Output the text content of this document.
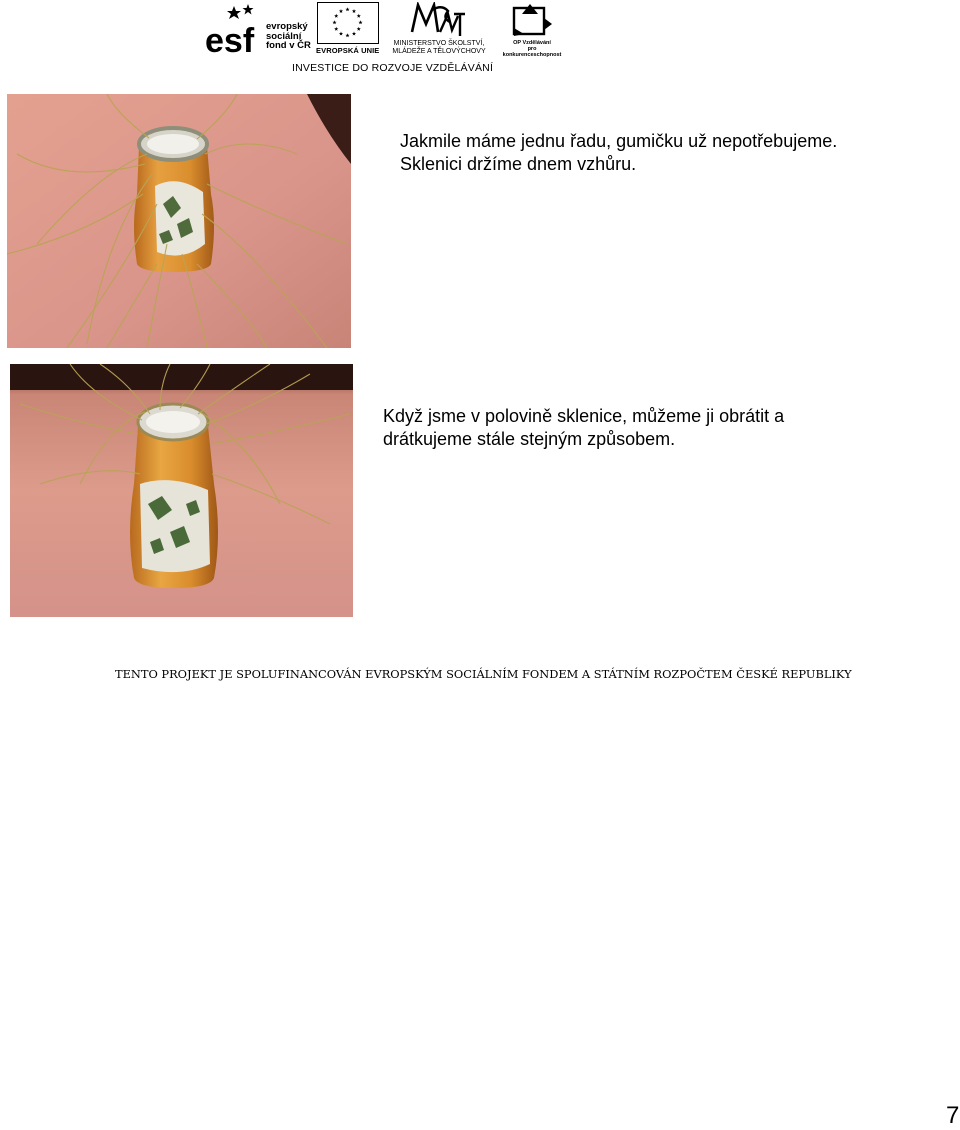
esf evropský
sociální
fond v ČR EVROPSKÁ UNIE
MINISTERSTVO ŠKOLSTVÍ,
MLÁDEŽE A TĚLOVÝCHOVY
OP Vzdělávání
pro konkurenceschopnost
INVESTICE DO ROZVOJE VZDĚLÁVÁNÍ
Jakmile máme jednu řadu, gumičku už nepotřebujeme.
Sklenici držíme dnem vzhůru.
Když jsme v polovině sklenice, můžeme ji obrátit a
drátkujeme stále stejným způsobem.
TENTO PROJEKT JE SPOLUFINANCOVÁN EVROPSKÝM SOCIÁLNÍM FONDEM A STÁTNÍM ROZPOČTEM ČESKÉ REPUBLIKY
7
